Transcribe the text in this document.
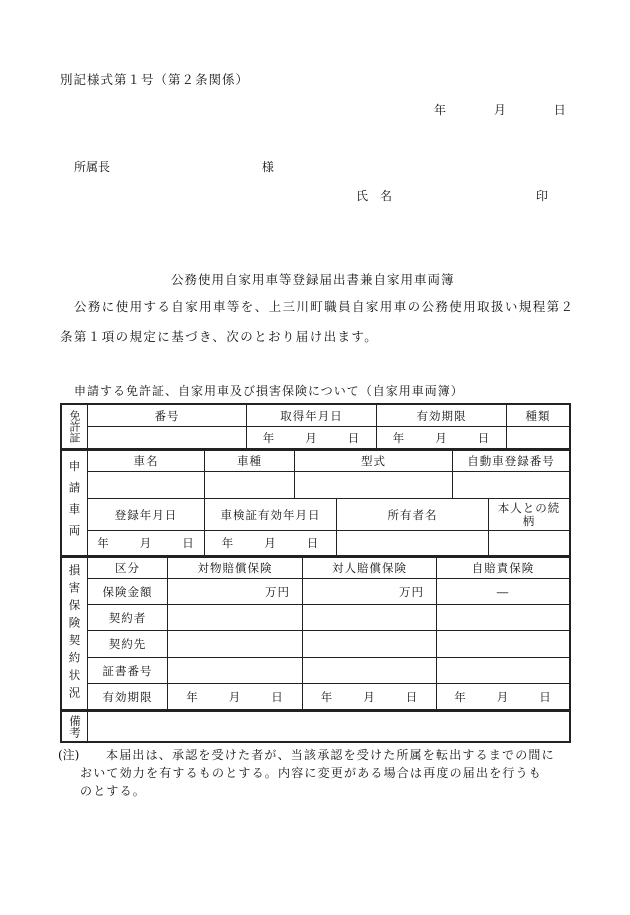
別記様式第１号（第２条関係）
年	月	日
所属長	様
氏　名	印
公務使用自家用車等登録届出書兼自家用車両簿
公務に使用する自家用車等を、上三川町職員自家用車の公務使用取扱い規程第２
条第１項の規定に基づき、次のとおり届け出ます。
申請する免許証、自家用車及び損害保険について（自家用車両簿）
免許証	番号	取得年月日	有効期限	種類
		年 月 日	年 月 日	
申請車両	車名	車種	型式		自動車登録番号	

	登録年月日	車検証有効年月日		所有者名		本人との続柄
	年 月 日	年 月 日				
損害保険契約状況	区分	対物賠償保険	対人賠償保険	自賠責保険
	保険金額	万円	万円	―
	契約者			
	契約先			
	証書番号			
	有効期限	年 月 日	年 月 日	年 月 日
備考

(注) 本届出は、承認を受けた者が、当該承認を受けた所属を転出するまでの間に
おいて効力を有するものとする。内容に変更がある場合は再度の届出を行うも
のとする。
